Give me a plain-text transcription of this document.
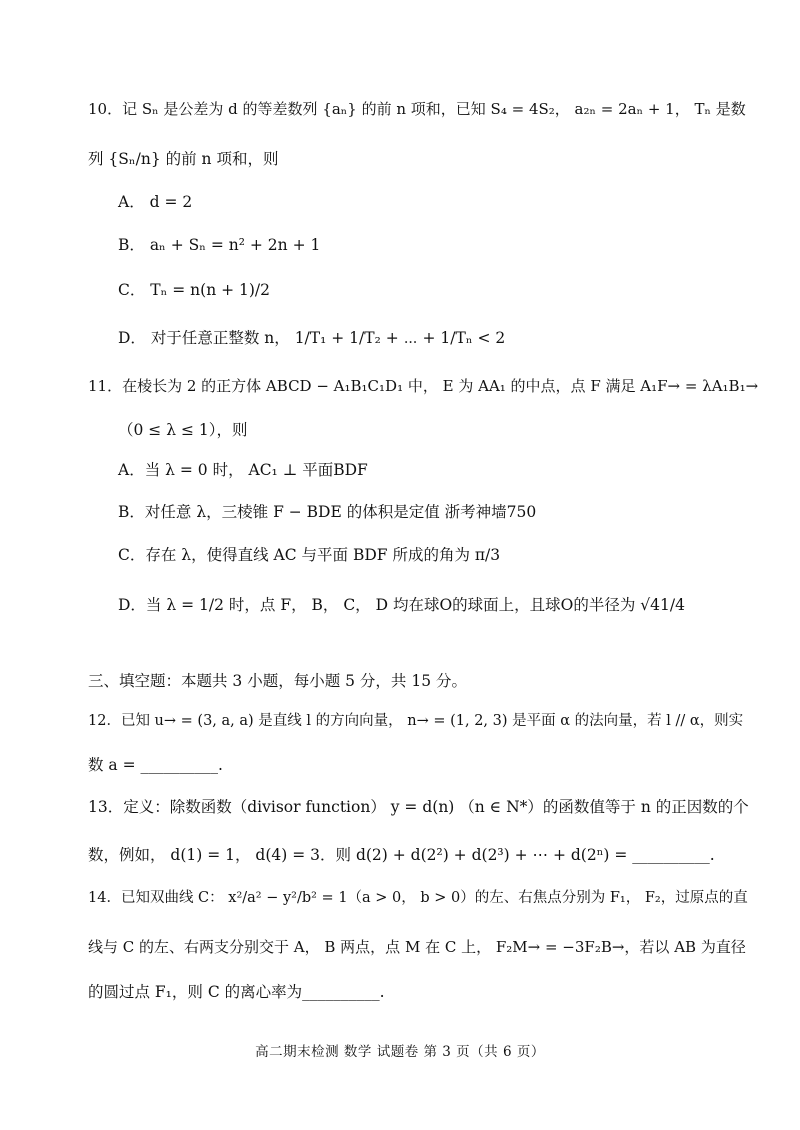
10．记 Sₙ 是公差为 d 的等差数列 {aₙ} 的前 n 项和，已知 S₄ = 4S₂， a₂ₙ = 2aₙ + 1， Tₙ 是数
列 {Sₙ/n} 的前 n 项和，则
A． d = 2
B． aₙ + Sₙ = n² + 2n + 1
C． Tₙ = n(n + 1)/2
D． 对于任意正整数 n， 1/T₁ + 1/T₂ + ⋯ + 1/Tₙ < 2
11．在棱长为 2 的正方体 ABCD − A₁B₁C₁D₁ 中， E 为 AA₁ 的中点，点 F 满足 A₁F→ = λA₁B₁→
（0 ≤ λ ≤ 1），则
A．当 λ = 0 时， AC₁ ⊥ 平面BDF
B．对任意 λ，三棱锥 F − BDE 的体积是定值 浙考神墙750
C．存在 λ，使得直线 AC 与平面 BDF 所成的角为 π/3
D．当 λ = 1/2 时，点 F， B， C， D 均在球O的球面上，且球O的半径为 √41/4
三、填空题：本题共 3 小题，每小题 5 分，共 15 分。
12．已知 u→ = (3, a, a) 是直线 l 的方向向量， n→ = (1, 2, 3) 是平面 α 的法向量，若 l // α，则实
数 a = __________.
13．定义：除数函数（divisor function） y = d(n) （n ∈ N*）的函数值等于 n 的正因数的个
数，例如， d(1) = 1， d(4) = 3．则 d(2) + d(2²) + d(2³) + ⋯ + d(2ⁿ) = __________.
14．已知双曲线 C： x²/a² − y²/b² = 1（a > 0， b > 0）的左、右焦点分别为 F₁， F₂，过原点的直
线与 C 的左、右两支分别交于 A， B 两点，点 M 在 C 上， F₂M→ = −3F₂B→，若以 AB 为直径
的圆过点 F₁，则 C 的离心率为__________.
高二期末检测 数学 试题卷 第 3 页（共 6 页）
